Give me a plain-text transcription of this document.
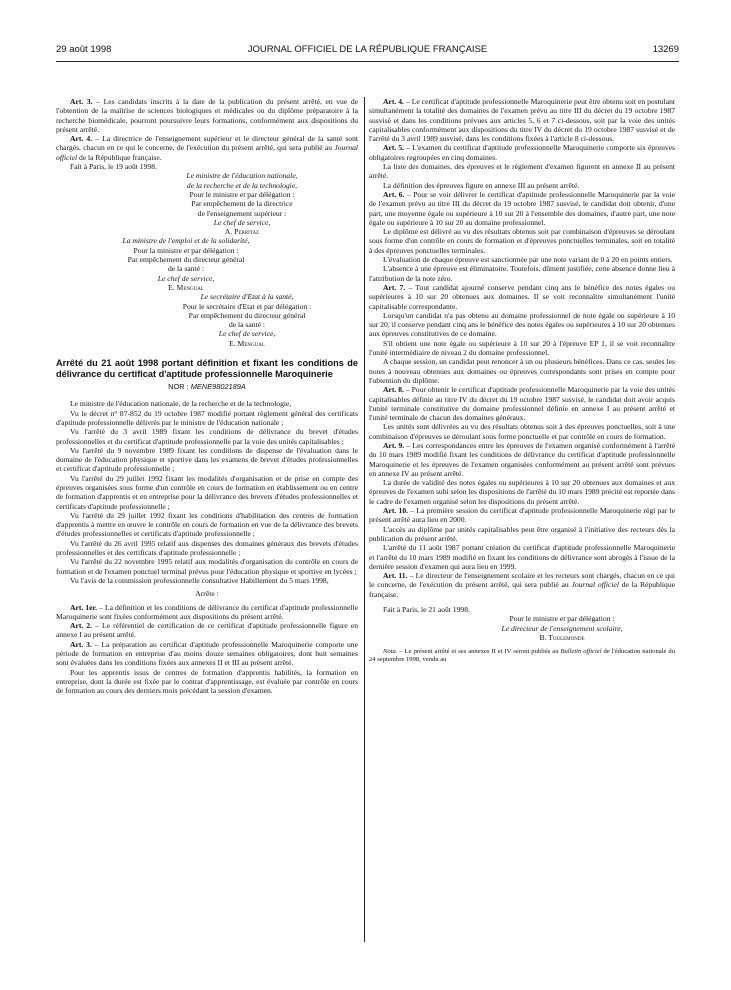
29 août 1998	JOURNAL OFFICIEL DE LA RÉPUBLIQUE FRANÇAISE	13269

Art. 3. – Les candidats inscrits à la date de la publication du présent arrêté, en vue de l'obtention de la maîtrise de sciences biologiques et médicales ou du diplôme préparatoire à la recherche biomédicale, pourront poursuivre leurs formations, conformément aux dispositions du présent arrêté.

Art. 4. – La directrice de l'enseignement supérieur et le directeur général de la santé sont chargés, chacun en ce qui le concerne, de l'exécution du présent arrêté, qui sera publié au Journal officiel de la République française.

Fait à Paris, le 19 août 1998.

Le ministre de l'éducation nationale,
de la recherche et de la technologie,
Pour le ministre et par délégation :
Par empêchement de la directrice
de l'enseignement supérieur :
Le chef de service,
A. Perritaz
La ministre de l'emploi et de la solidarité,
Pour la ministre et par délégation :
Par empêchement du directeur général
de la santé :
Le chef de service,
E. Mengual
Le secrétaire d'Etat à la santé,
Pour le secrétaire d'Etat et par délégation :
Par empêchement du directeur général
de la santé :
Le chef de service,
E. Mengual

Arrêté du 21 août 1998 portant définition et fixant les conditions de délivrance du certificat d'aptitude professionnelle Maroquinerie

NOR : MENE9802189A

Le ministre de l'éducation nationale, de la recherche et de la technologie,

Vu le décret n° 87-852 du 19 octobre 1987 modifié portant règlement général des certificats d'aptitude professionnelle délivrés par le ministre de l'éducation nationale ;

Vu l'arrêté du 3 avril 1989 fixant les conditions de délivrance du brevet d'études professionnelles et du certificat d'aptitude professionnelle par la voie des unités capitalisables ;

Vu l'arrêté du 9 novembre 1989 fixant les conditions de dispense de l'évaluation dans le domaine de l'éducation physique et sportive dans les examens de brevet d'études professionnelles et certificat d'aptitude professionnelle ;

Vu l'arrêté du 29 juillet 1992 fixant les modalités d'organisation et de prise en compte des épreuves organisées sous forme d'un contrôle en cours de formation en établissement ou en centre de formation d'apprentis et en entreprise pour la délivrance des brevets d'études professionnelles et certificats d'aptitude professionnelle ;

Vu l'arrêté du 29 juillet 1992 fixant les conditions d'habilitation des centres de formation d'apprentis à mettre en œuvre le contrôle en cours de formation en vue de la délivrance des brevets d'études professionnelles et certificats d'aptitude professionnelle ;

Vu l'arrêté du 26 avril 1995 relatif aux dispenses des domaines généraux des brevets d'études professionnelles et des certificats d'aptitude professionnelle ;

Vu l'arrêté du 22 novembre 1995 relatif aux modalités d'organisation du contrôle en cours de formation et de l'examen ponctuel terminal prévus pour l'éducation physique et sportive en lycées ;

Vu l'avis de la commission professionnelle consultative Habillement du 5 mars 1998,

Arrête :

Art. 1er. – La définition et les conditions de délivrance du certificat d'aptitude professionnelle Maroquinerie sont fixées conformément aux dispositions du présent arrêté.

Art. 2. – Le référentiel de certification de ce certificat d'aptitude professionnelle figure en annexe I au présent arrêté.

Art. 3. – La préparation au certificat d'aptitude professionnelle Maroquinerie comporte une période de formation en entreprise d'au moins douze semaines obligatoires, dont huit semaines sont évaluées dans les conditions fixées aux annexes II et III au présent arrêté.

Pour les apprentis issus de centres de formation d'apprentis habilités, la formation en entreprise, dont la durée est fixée par le contrat d'apprentissage, est évaluée par contrôle en cours de formation au cours des derniers mois précédant la session d'examen.

Art. 4. – Le certificat d'aptitude professionnelle Maroquinerie peut être obtenu soit en postulant simultanément la totalité des domaines de l'examen prévu au titre III du décret du 19 octobre 1987 susvisé et dans les conditions prévues aux articles 5, 6 et 7 ci-dessous, soit par la voie des unités capitalisables conformément aux dispositions du titre IV du décret du 19 octobre 1987 susvisé et de l'arrêté du 3 avril 1989 susvisé, dans les conditions fixées à l'article 8 ci-dessous.

Art. 5. – L'examen du certificat d'aptitude professionnelle Maroquinerie comporte six épreuves obligatoires regroupées en cinq domaines.

La liste des domaines, des épreuves et le règlement d'examen figurent en annexe II au présent arrêté.

La définition des épreuves figure en annexe III au présent arrêté.

Art. 6. – Pour se voir délivrer le certificat d'aptitude professionnelle Maroquinerie par la voie de l'examen prévu au titre III du décret du 19 octobre 1987 susvisé, le candidat doit obtenir, d'une part, une moyenne égale ou supérieure à 10 sur 20 à l'ensemble des domaines, d'autre part, une note égale ou supérieure à 10 sur 20 au domaine professionnel.

Le diplôme est délivré au vu des résultats obtenus soit par combinaison d'épreuves se déroulant sous forme d'un contrôle en cours de formation et d'épreuves ponctuelles terminales, soit en totalité à des épreuves ponctuelles terminales.

L'évaluation de chaque épreuve est sanctionnée par une note variant de 0 à 20 en points entiers.

L'absence à une épreuve est éliminatoire. Toutefois, dûment justifiée, cette absence donne lieu à l'attribution de la note zéro.

Art. 7. – Tout candidat ajourné conserve pendant cinq ans le bénéfice des notes égales ou supérieures à 10 sur 20 obtenues aux domaines. Il se voit reconnaître simultanément l'unité capitalisable correspondante.

Lorsqu'un candidat n'a pas obtenu au domaine professionnel de note égale ou supérieure à 10 sur 20, il conserve pendant cinq ans le bénéfice des notes égales ou supérieures à 10 sur 20 obtenues aux épreuves constitutives de ce domaine.

S'il obtient une note égale ou supérieure à 10 sur 20 à l'épreuve EP 1, il se voit reconnaître l'unité intermédiaire de niveau 2 du domaine professionnel.

A chaque session, un candidat peut renoncer à un ou plusieurs bénéfices. Dans ce cas, seules les notes à nouveau obtenues aux domaines ou épreuves correspondants sont prises en compte pour l'obtention du diplôme.

Art. 8. – Pour obtenir le certificat d'aptitude professionnelle Maroquinerie par la voie des unités capitalisables définie au titre IV du décret du 19 octobre 1987 susvisé, le candidat doit avoir acquis l'unité terminale constitutive du domaine professionnel définie en annexe I au présent arrêté et l'unité terminale de chacun des domaines généraux.

Les unités sont délivrées au vu des résultats obtenus soit à des épreuves ponctuelles, soit à une combinaison d'épreuves se déroulant sous forme ponctuelle et par contrôle en cours de formation.

Art. 9. – Les correspondances entre les épreuves de l'examen organisé conformément à l'arrêté du 10 mars 1989 modifié fixant les conditions de délivrance du certificat d'aptitude professionnelle Maroquinerie et les épreuves de l'examen organisées conformément au présent arrêté sont prévues en annexe IV au présent arrêté.

La durée de validité des notes égales ou supérieures à 10 sur 20 obtenues aux domaines et aux épreuves de l'examen subi selon les dispositions de l'arrêté du 10 mars 1989 précité est reportée dans le cadre de l'examen organisé selon les dispositions du présent arrêté.

Art. 10. – La première session du certificat d'aptitude professionnelle Maroquinerie régi par le présent arrêté aura lieu en 2000.

L'accès au diplôme par unités capitalisables peut être organisé à l'initiative des recteurs dès la publication du présent arrêté.

L'arrêté du 11 août 1987 portant création du certificat d'aptitude professionnelle Maroquinerie et l'arrêté du 10 mars 1989 modifié en fixant les conditions de délivrance sont abrogés à l'issue de la dernière session d'examen qui aura lieu en 1999.

Art. 11. – Le directeur de l'enseignement scolaire et les recteurs sont chargés, chacun en ce qui le concerne, de l'exécution du présent arrêté, qui sera publié au Journal officiel de la République française.

Fait à Paris, le 21 août 1998.

Pour le ministre et par délégation :
Le directeur de l'enseignement scolaire,
B. Toulemonde

Nota. – Le présent arrêté et ses annexes II et IV seront publiés au Bulletin officiel de l'éducation nationale du 24 septembre 1998, vendu au
